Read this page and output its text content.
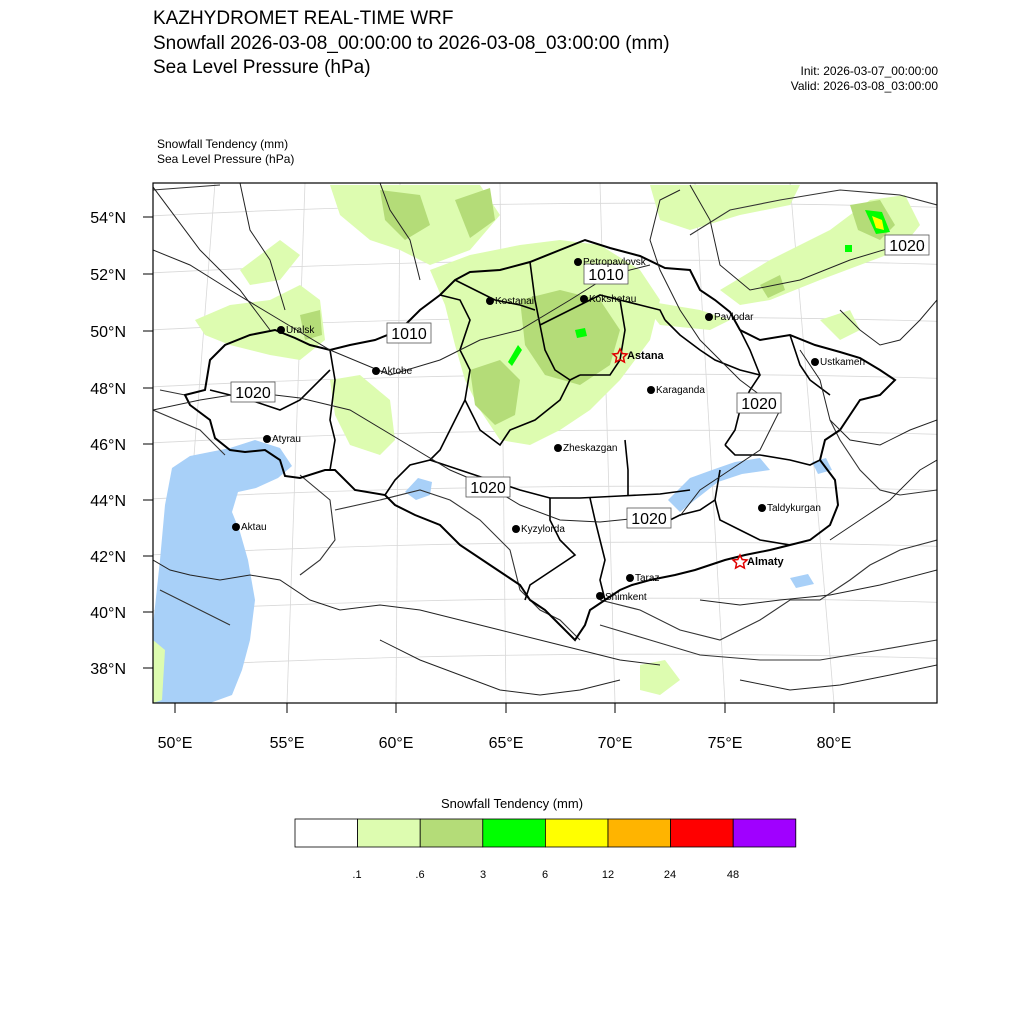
KAZHYDROMET REAL-TIME WRF
Snowfall 2026-03-08_00:00:00 to 2026-03-08_03:00:00 (mm)
Sea Level Pressure (hPa)	Init: 2026-03-07_00:00:00
Valid: 2026-03-08_03:00:00
Snowfall Tendency (mm)
Sea Level Pressure (hPa)
54°N
52°N
50°N
48°N
46°N
44°N
42°N
40°N
38°N
50°E	55°E	60°E	65°E	70°E	75°E	80°E
1010
1010
1020
1020
1020
1020
1020
Petropavlovsk
Kostanai	Kokshetau
Pavlodar
Uralsk
Aktobe
Astana
Ustkamen
Karaganda
Atyrau
Zheskazgan
Aktau	Kyzylorda
Taldykurgan
Almaty
Taraz
Shimkent
.1	.6	3	6	12	24	48
Snowfall Tendency (mm)
